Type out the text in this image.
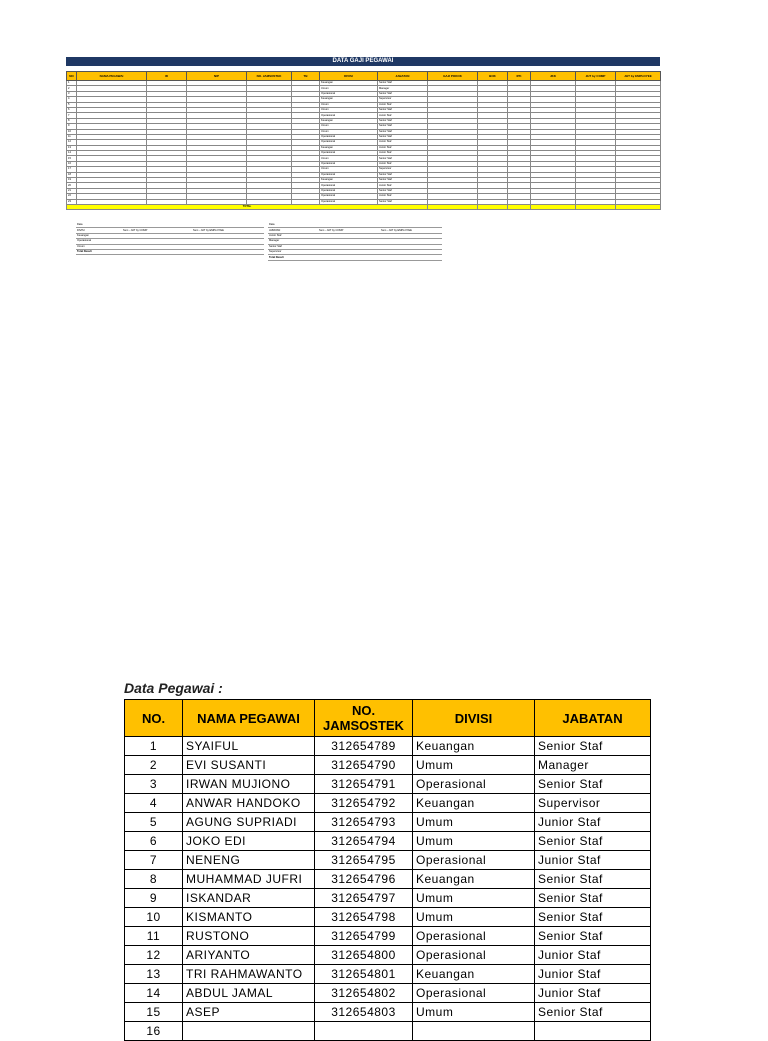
DATA GAJI PEGAWAI
NO	NAMA PEGAWAI	ID	NIP	NO. JAMSOSTEK	TB	DIVISI	JABATAN	GAJI POKOK	BOK	IPK	JKK	JHT by COMP	JHT by EMPLOYEE
1						Keuangan	Senior Staf						
2						Umum	Manager						
3						Operasional	Senior Staf						
4						Keuangan	Supervisor						
5						Umum	Junior Staf						
6						Umum	Senior Staf						
7						Operasional	Junior Staf						
8						Keuangan	Senior Staf						
9						Umum	Senior Staf						
10						Umum	Senior Staf						
11						Operasional	Senior Staf						
12						Operasional	Junior Staf						
13						Keuangan	Junior Staf						
14						Operasional	Junior Staf						
15						Umum	Senior Staf						
16						Operasional	Junior Staf						
17						Umum	Supervisor						
18						Operasional	Senior Staf						
19						Keuangan	Senior Staf						
20						Operasional	Junior Staf						
21						Operasional	Senior Staf						
22						Operasional	Junior Staf						
23						Operasional	Senior Staf						
TOTAL													
Data		
DIVISI	Sum - JHT by COMP	Sum - JHT by EMPLOYEE
Keuangan		
Operasional		
Umum		
Total Result		
Data		
JABATAN	Sum - JHT by COMP	Sum - JHT by EMPLOYEE
Junior Staf		
Manager		
Senior Staf		
Supervisor		
Total Result		
Data Pegawai :
NO.	NAMA PEGAWAI	NO. JAMSOSTEK	DIVISI	JABATAN
1	SYAIFUL	312654789	Keuangan	Senior Staf
2	EVI SUSANTI	312654790	Umum	Manager
3	IRWAN MUJIONO	312654791	Operasional	Senior Staf
4	ANWAR HANDOKO	312654792	Keuangan	Supervisor
5	AGUNG SUPRIADI	312654793	Umum	Junior Staf
6	JOKO EDI	312654794	Umum	Senior Staf
7	NENENG	312654795	Operasional	Junior Staf
8	MUHAMMAD JUFRI	312654796	Keuangan	Senior Staf
9	ISKANDAR	312654797	Umum	Senior Staf
10	KISMANTO	312654798	Umum	Senior Staf
11	RUSTONO	312654799	Operasional	Senior Staf
12	ARIYANTO	312654800	Operasional	Junior Staf
13	TRI RAHMAWANTO	312654801	Keuangan	Junior Staf
14	ABDUL JAMAL	312654802	Operasional	Junior Staf
15	ASEP	312654803	Umum	Senior Staf
16				
